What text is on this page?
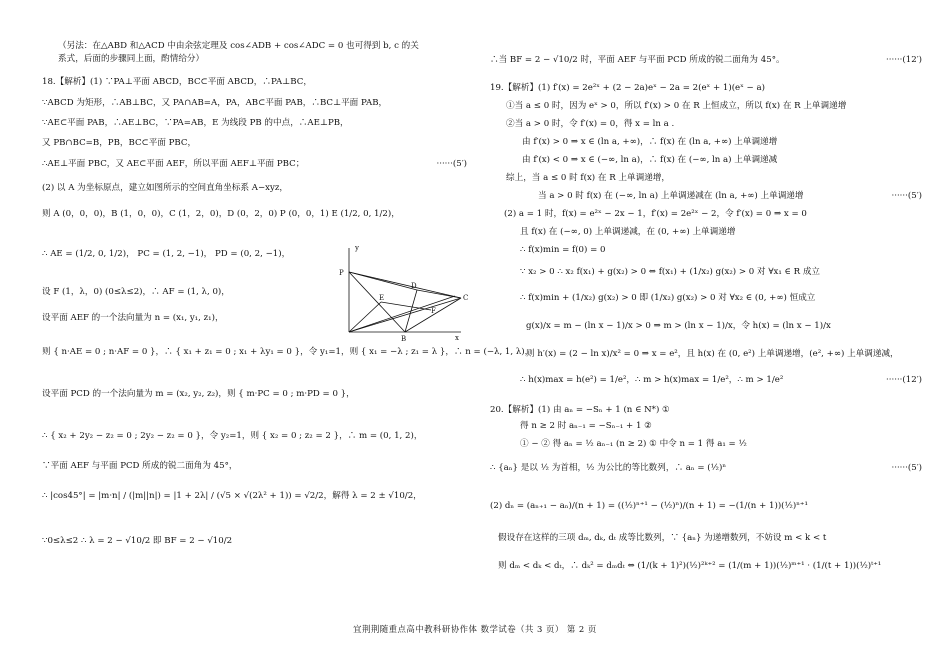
（另法：在△ABD 和△ACD 中由余弦定理及 cos∠ADB + cos∠ADC = 0 也可得到 b, c 的关
系式，后面的步骤同上面，酌情给分）
18.【解析】(1) ∵PA⊥平面 ABCD，BC⊂平面 ABCD，∴PA⊥BC，
∵ABCD 为矩形，∴AB⊥BC，又 PA∩AB=A，PA，AB⊂平面 PAB，∴BC⊥平面 PAB，
∵AE⊂平面 PAB，∴AE⊥BC，∵PA=AB，E 为线段 PB 的中点，∴AE⊥PB，
又 PB∩BC=B，PB，BC⊂平面 PBC，
∴AE⊥平面 PBC，又 AE⊂平面 AEF，所以平面 AEF⊥平面 PBC；	······(5′)
(2) 以 A 为坐标原点，建立如图所示的空间直角坐标系 A−xyz，
则 A (0，0，0)，B (1，0，0)，C (1，2，0)，D (0，2，0) P (0，0，1) E (1/2, 0, 1/2)，
∴ AE = (1/2, 0, 1/2)， PC = (1, 2, −1)， PD = (0, 2, −1)，
设 F (1，λ，0) (0≤λ≤2)，∴ AF = (1, λ, 0)，
设平面 AEF 的一个法向量为 n = (x₁, y₁, z₁)，
则 { n·AE = 0 ; n·AF = 0 }，∴ { x₁ + z₁ = 0 ; x₁ + λy₁ = 0 }，令 y₁=1，则 { x₁ = −λ ; z₁ = λ }，∴ n = (−λ, 1, λ)，
设平面 PCD 的一个法向量为 m = (x₂, y₂, z₂)，则 { m·PC = 0 ; m·PD = 0 }，
∴ { x₂ + 2y₂ − z₂ = 0 ; 2y₂ − z₂ = 0 }，令 y₂=1，则 { x₂ = 0 ; z₂ = 2 }，∴ m = (0, 1, 2)，
∵平面 AEF 与平面 PCD 所成的锐二面角为 45°，
∴ |cos45°| = |m·n| / (|m||n|) = |1 + 2λ| / (√5 × √(2λ² + 1)) = √2/2，解得 λ = 2 ± √10/2，
∵0≤λ≤2 ∴ λ = 2 − √10/2 即 BF = 2 − √10/2
P
E
D
C
F
B
y
x
∴当 BF = 2 − √10/2 时，平面 AEF 与平面 PCD 所成的锐二面角为 45°。	······(12′)
19.【解析】(1) f′(x) = 2e²ˣ + (2 − 2a)eˣ − 2a = 2(eˣ + 1)(eˣ − a)
①当 a ≤ 0 时，因为 eˣ > 0，所以 f′(x) > 0 在 R 上恒成立，所以 f(x) 在 R 上单调递增
②当 a > 0 时，令 f′(x) = 0，得 x = ln a .
由 f′(x) > 0 ⇒ x ∈ (ln a, +∞)，∴ f(x) 在 (ln a, +∞) 上单调递增
由 f′(x) < 0 ⇒ x ∈ (−∞, ln a)，∴ f(x) 在 (−∞, ln a) 上单调递减
综上，当 a ≤ 0 时 f(x) 在 R 上单调递增，
当 a > 0 时 f(x) 在 (−∞, ln a) 上单调递减在 (ln a, +∞) 上单调递增	······(5′)
(2) a = 1 时，f(x) = e²ˣ − 2x − 1，f′(x) = 2e²ˣ − 2，令 f′(x) = 0 ⇒ x = 0
且 f(x) 在 (−∞, 0) 上单调递减，在 (0, +∞) 上单调递增
∴ f(x)min = f(0) = 0
∵ x₂ > 0 ∴ x₂ f(x₁) + g(x₂) > 0 ⇔ f(x₁) + (1/x₂) g(x₂) > 0 对 ∀x₁ ∈ R 成立
∴ f(x)min + (1/x₂) g(x₂) > 0 即 (1/x₂) g(x₂) > 0 对 ∀x₂ ∈ (0, +∞) 恒成立
g(x)/x = m − (ln x − 1)/x > 0 ⇒ m > (ln x − 1)/x，令 h(x) = (ln x − 1)/x
则 h′(x) = (2 − ln x)/x² = 0 ⇒ x = e²，且 h(x) 在 (0, e²) 上单调递增，(e², +∞) 上单调递减，
∴ h(x)max = h(e²) = 1/e²，∴ m > h(x)max = 1/e²，∴ m > 1/e²	······(12′)
20.【解析】(1) 由 aₙ = −Sₙ + 1 (n ∈ N*) ①
得 n ≥ 2 时 aₙ₋₁ = −Sₙ₋₁ + 1 ②
① − ② 得 aₙ = ½ aₙ₋₁ (n ≥ 2) ① 中令 n = 1 得 a₁ = ½
∴ {aₙ} 是以 ½ 为首相，½ 为公比的等比数列，∴ aₙ = (½)ⁿ	······(5′)
(2) dₙ = (aₙ₊₁ − aₙ)/(n + 1) = ((½)ⁿ⁺¹ − (½)ⁿ)/(n + 1) = −(1/(n + 1))(½)ⁿ⁺¹
假设存在这样的三项 dₘ, dₖ, dₜ 成等比数列，∵ {aₙ} 为递增数列，不妨设 m < k < t
则 dₘ < dₖ < dₜ，∴ dₖ² = dₘdₜ ⇔ (1/(k + 1)²)(½)²ᵏ⁺² = (1/(m + 1))(½)ᵐ⁺¹ · (1/(t + 1))(½)ᵗ⁺¹
宜荆荆随重点高中教科研协作体 数学试卷（共 3 页） 第 2 页
